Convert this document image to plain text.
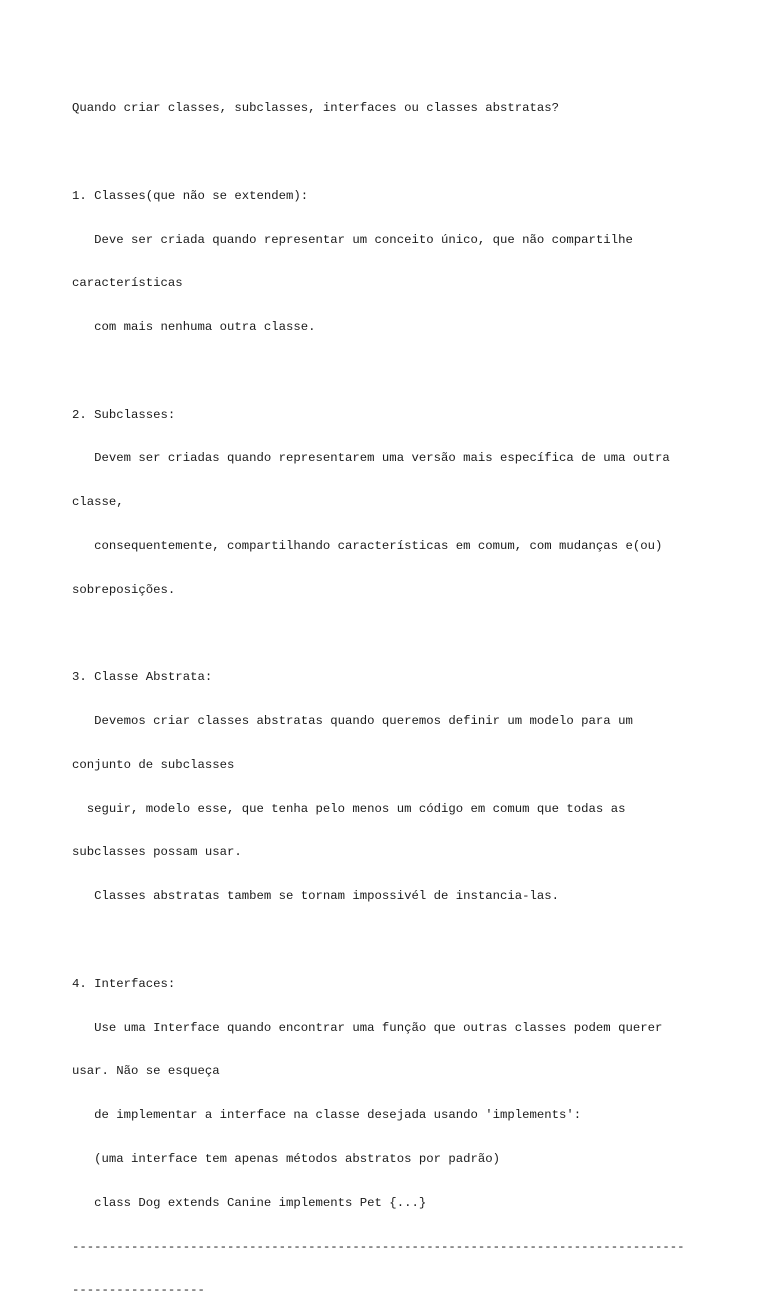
Quando criar classes, subclasses, interfaces ou classes abstratas?

1. Classes(que não se extendem):

Deve ser criada quando representar um conceito único, que não compartilhe

características

com mais nenhuma outra classe.

2. Subclasses:

Devem ser criadas quando representarem uma versão mais específica de uma outra

classe,

consequentemente, compartilhando características em comum, com mudanças e(ou)

sobreposições.

3. Classe Abstrata:

Devemos criar classes abstratas quando queremos definir um modelo para um

conjunto de subclasses

seguir, modelo esse, que tenha pelo menos um código em comum que todas as

subclasses possam usar.

Classes abstratas tambem se tornam impossivél de instancia-las.

4. Interfaces:

Use uma Interface quando encontrar uma função que outras classes podem querer

usar. Não se esqueça

de implementar a interface na classe desejada usando 'implements':

(uma interface tem apenas métodos abstratos por padrão)

class Dog extends Canine implements Pet {...}

-----------------------------------------------------------------------------------

------------------
